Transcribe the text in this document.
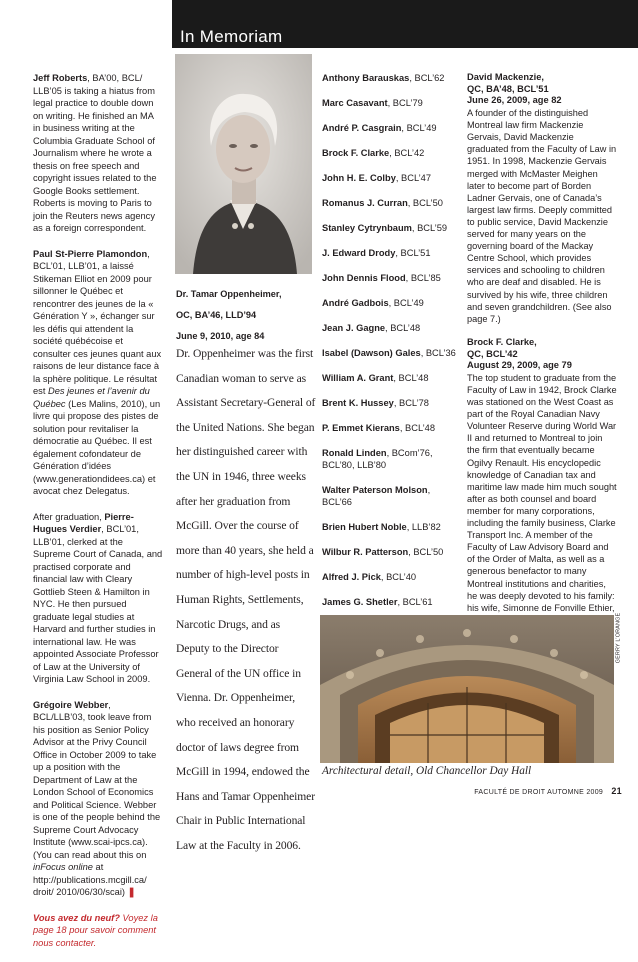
In Memoriam

Jeff Roberts, BA’00, BCL/ LLB’05 is taking a hiatus from legal practice to double down on writing. He finished an MA in business writing at the Columbia Graduate School of Journalism where he wrote a thesis on free speech and copyright issues related to the Google Books settlement. Roberts is moving to Paris to join the Reuters news agency as a foreign correspondent.

Paul St-Pierre Plamondon, BCL’01, LLB’01, a laissé Stikeman Elliot en 2009 pour sillonner le Québec et rencontrer des jeunes de la « Génération Y », échanger sur les défis qui attendent la société québécoise et consulter ces jeunes quant aux raisons de leur distance face à la sphère politique. Le résultat est Des jeunes et l’avenir du Québec (Les Malins, 2010), un livre qui propose des pistes de solution pour revitaliser la démocratie au Québec. Il est également cofondateur de Génération d’idées (www.generationdidees.ca) et avocat chez Delegatus.

After graduation, Pierre-Hugues Verdier, BCL’01, LLB’01, clerked at the Supreme Court of Canada, and practised corporate and financial law with Cleary Gottlieb Steen & Hamilton in NYC. He then pursued graduate legal studies at Harvard and further studies in international law. He was appointed Associate Professor of Law at the University of Virginia Law School in 2009.

Grégoire Webber, BCL/LLB’03, took leave from his position as Senior Policy Advisor at the Privy Council Office in October 2009 to take up a position with the Department of Law at the London School of Economics and Political Science. Webber is one of the people behind the Supreme Court Advocacy Institute (www.scai-ipcs.ca). (You can read about this on inFocus online at http://publications.mcgill.ca/ droit/ 2010/06/30/scai) ❚

Vous avez du neuf? Voyez la page 18 pour savoir comment nous contacter.

Dr. Tamar Oppenheimer,
OC, BA’46, LLD’94
June 9, 2010, age 84
Dr. Oppenheimer was the first Canadian woman to serve as Assistant Secretary-General of the United Nations. She began her distinguished career with the UN in 1946, three weeks after her graduation from McGill. Over the course of more than 40 years, she held a number of high-level posts in Human Rights, Settlements, Narcotic Drugs, and as Deputy to the Director General of the UN office in Vienna. Dr. Oppenheimer, who received an honorary doctor of laws degree from McGill in 1994, endowed the Hans and Tamar Oppenheimer Chair in Public International Law at the Faculty in 2006.
Anthony Barauskas, BCL’62
Marc Casavant, BCL’79
André P. Casgrain, BCL’49
Brock F. Clarke, BCL’42
John H. E. Colby, BCL’47
Romanus J. Curran, BCL’50
Stanley Cytrynbaum, BCL’59
J. Edward Drody, BCL’51
John Dennis Flood, BCL’85
André Gadbois, BCL’49
Jean J. Gagne, BCL’48
Isabel (Dawson) Gales, BCL’36
William A. Grant, BCL’48
Brent K. Hussey, BCL’78
P. Emmet Kierans, BCL’48
Ronald Linden, BCom’76, BCL’80, LLB’80
Walter Paterson Molson, BCL’66
Brien Hubert Noble, LLB’82
Wilbur R. Patterson, BCL’50
Alfred J. Pick, BCL’40
James G. Shetler, BCL’61
David Mackenzie,
QC, BA’48, BCL’51
June 26, 2009, age 82
A founder of the distinguished Montreal law firm Mackenzie Gervais, David Mackenzie graduated from the Faculty of Law in 1951. In 1998, Mackenzie Gervais merged with McMaster Meighen later to become part of Borden Ladner Gervais, one of Canada’s largest law firms. Deeply committed to public service, David Mackenzie served for many years on the governing board of the Mackay Centre School, which provides services and schooling to children who are deaf and disabled. He is survived by his wife, three children and seven grandchildren. (See also page 7.)
Brock F. Clarke,
QC, BCL’42
August 29, 2009, age 79
The top student to graduate from the Faculty of Law in 1942, Brock Clarke was stationed on the West Coast as part of the Royal Canadian Navy Volunteer Reserve during World War II and returned to Montreal to join the firm that eventually became Ogilvy Renault. His encyclopedic knowledge of Canadian tax and maritime law made him much sought after as both counsel and board member for many corporations, including the family business, Clarke Transport Inc. A member of the Faculty of Law Advisory Board and of the Order of Malta, as well as a generous benefactor to many Montreal institutions and charities, he was deeply devoted to his family: his wife, Simonne de Fonville Ethier,
GERRY L’ORANGE
Architectural detail, Old Chancellor Day Hall
FACULTÉ DE DROIT AUTOMNE 2009 21
